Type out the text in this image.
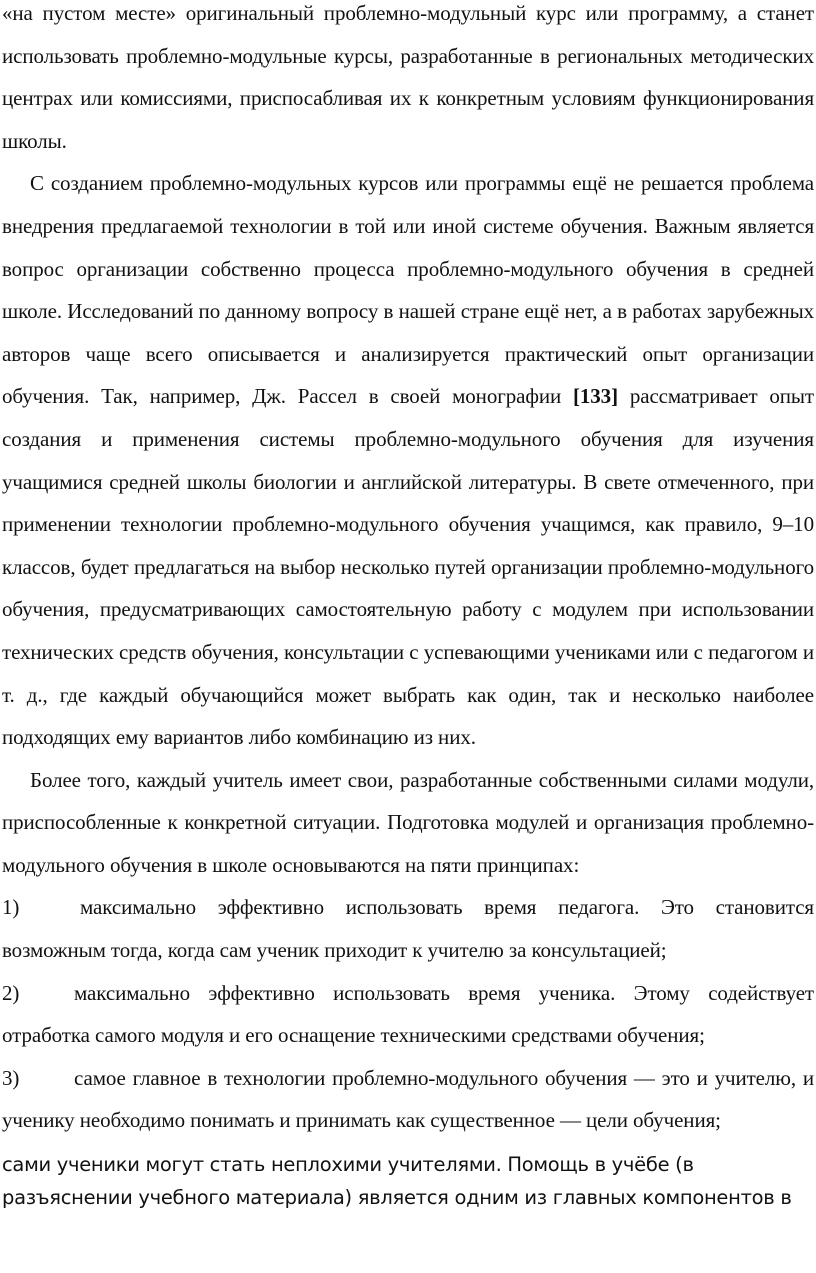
«на пустом месте» оригинальный проблемно-модульный курс или программу, а станет использовать проблемно-модульные курсы, разработанные в региональных методических центрах или комиссиями, приспосабливая их к конкретным условиям функционирования школы.

С созданием проблемно-модульных курсов или программы ещё не решается проблема внедрения предлагаемой технологии в той или иной системе обучения. Важным является вопрос организации собственно процесса проблемно-модульного обучения в средней школе. Исследований по данному вопросу в нашей стране ещё нет, а в работах зарубежных авторов чаще всего описывается и анализируется практический опыт организации обучения. Так, например, Дж. Рассел в своей монографии [133] рассматривает опыт создания и применения системы проблемно-модульного обучения для изучения учащимися средней школы биологии и английской литературы. В свете отмеченного, при применении технологии проблемно-модульного обучения учащимся, как правило, 9–10 классов, будет предлагаться на выбор несколько путей организации проблемно-модульного обучения, предусматривающих самостоятельную работу с модулем при использовании технических средств обучения, консультации с успевающими учениками или с педагогом и т. д., где каждый обучающийся может выбрать как один, так и несколько наиболее подходящих ему вариантов либо комбинацию из них.

Более того, каждый учитель имеет свои, разработанные собственными силами модули, приспособленные к конкретной ситуации. Подготовка модулей и организация проблемно-модульного обучения в школе основываются на пяти принципах:

1)	максимально эффективно использовать время педагога. Это становится возможным тогда, когда сам ученик приходит к учителю за консультацией;

2)	максимально эффективно использовать время ученика. Этому содействует отработка самого модуля и его оснащение техническими средствами обучения;

3)	самое главное в технологии проблемно-модульного обучения — это и учителю, и ученику необходимо понимать и принимать как существенное — цели обучения;

сами ученики могут стать неплохими учителями. Помощь в учёбе (в разъяснении учебного материала) является одним из главных компонентов в
